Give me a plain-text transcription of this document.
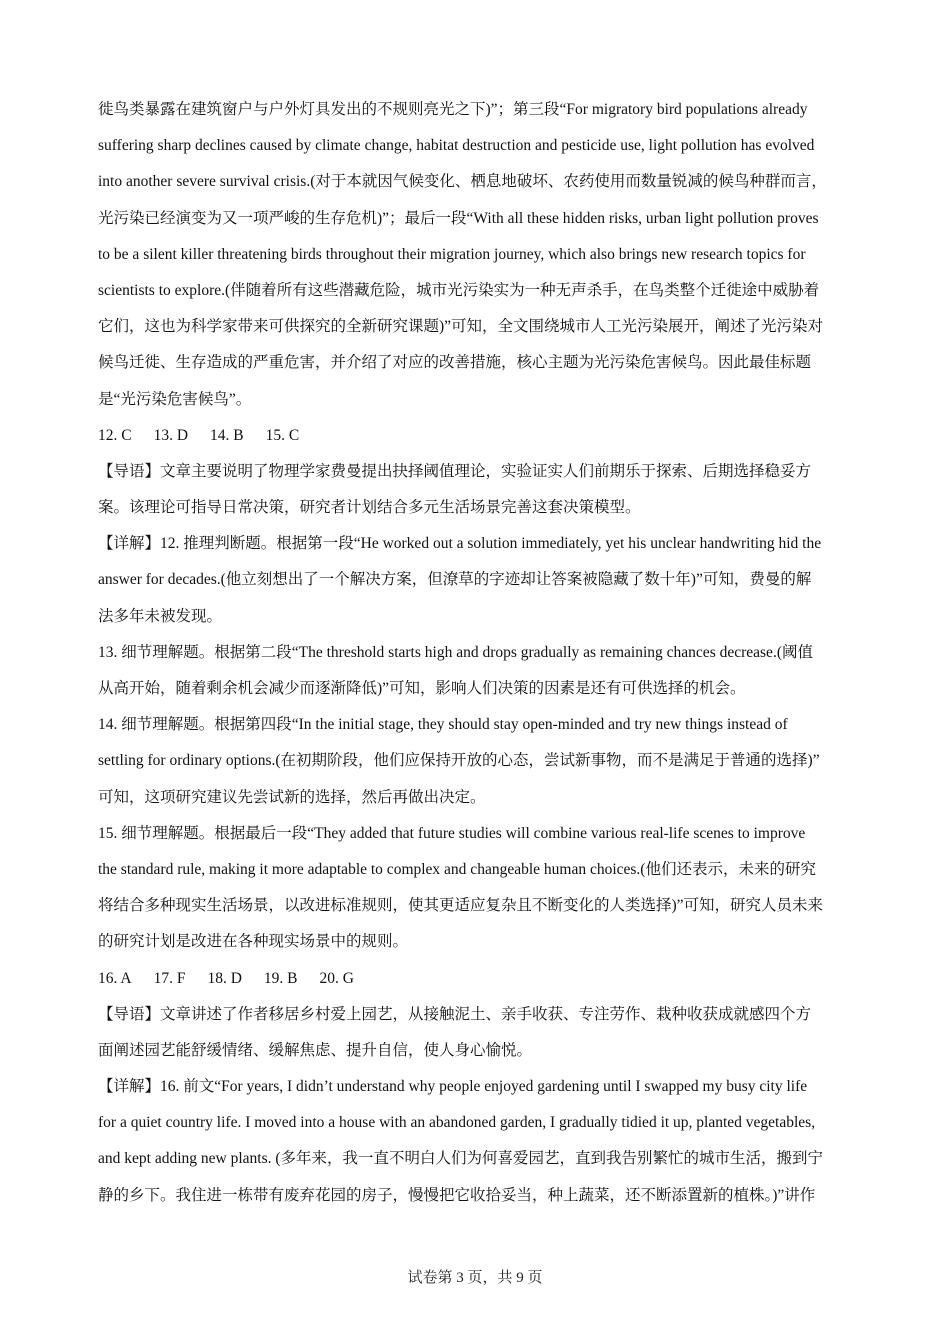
徙鸟类暴露在建筑窗户与户外灯具发出的不规则亮光之下)”；第三段“For migratory bird populations already
suffering sharp declines caused by climate change, habitat destruction and pesticide use, light pollution has evolved
into another severe survival crisis.(对于本就因气候变化、栖息地破坏、农药使用而数量锐减的候鸟种群而言，
光污染已经演变为又一项严峻的生存危机)”；最后一段“With all these hidden risks, urban light pollution proves
to be a silent killer threatening birds throughout their migration journey, which also brings new research topics for
scientists to explore.(伴随着所有这些潜藏危险，城市光污染实为一种无声杀手，在鸟类整个迁徙途中威胁着
它们，这也为科学家带来可供探究的全新研究课题)”可知，全文围绕城市人工光污染展开，阐述了光污染对
候鸟迁徙、生存造成的严重危害，并介绍了对应的改善措施，核心主题为光污染危害候鸟。因此最佳标题
是“光污染危害候鸟”。
12. C 13. D 14. B 15. C
【导语】文章主要说明了物理学家费曼提出抉择阈值理论，实验证实人们前期乐于探索、后期选择稳妥方
案。该理论可指导日常决策，研究者计划结合多元生活场景完善这套决策模型。
【详解】12. 推理判断题。根据第一段“He worked out a solution immediately, yet his unclear handwriting hid the
answer for decades.(他立刻想出了一个解决方案，但潦草的字迹却让答案被隐藏了数十年)”可知，费曼的解
法多年未被发现。
13. 细节理解题。根据第二段“The threshold starts high and drops gradually as remaining chances decrease.(阈值
从高开始，随着剩余机会减少而逐渐降低)”可知，影响人们决策的因素是还有可供选择的机会。
14. 细节理解题。根据第四段“In the initial stage, they should stay open-minded and try new things instead of
settling for ordinary options.(在初期阶段，他们应保持开放的心态，尝试新事物，而不是满足于普通的选择)”
可知，这项研究建议先尝试新的选择，然后再做出决定。
15. 细节理解题。根据最后一段“They added that future studies will combine various real-life scenes to improve
the standard rule, making it more adaptable to complex and changeable human choices.(他们还表示，未来的研究
将结合多种现实生活场景，以改进标准规则，使其更适应复杂且不断变化的人类选择)”可知，研究人员未来
的研究计划是改进在各种现实场景中的规则。
16. A 17. F 18. D 19. B 20. G
【导语】文章讲述了作者移居乡村爱上园艺，从接触泥土、亲手收获、专注劳作、栽种收获成就感四个方
面阐述园艺能舒缓情绪、缓解焦虑、提升自信，使人身心愉悦。
【详解】16. 前文“For years, I didn’t understand why people enjoyed gardening until I swapped my busy city life
for a quiet country life. I moved into a house with an abandoned garden, I gradually tidied it up, planted vegetables,
and kept adding new plants. (多年来，我一直不明白人们为何喜爱园艺，直到我告别繁忙的城市生活，搬到宁
静的乡下。我住进一栋带有废弃花园的房子，慢慢把它收拾妥当，种上蔬菜，还不断添置新的植株。)”讲作
试卷第 3 页，共 9 页
